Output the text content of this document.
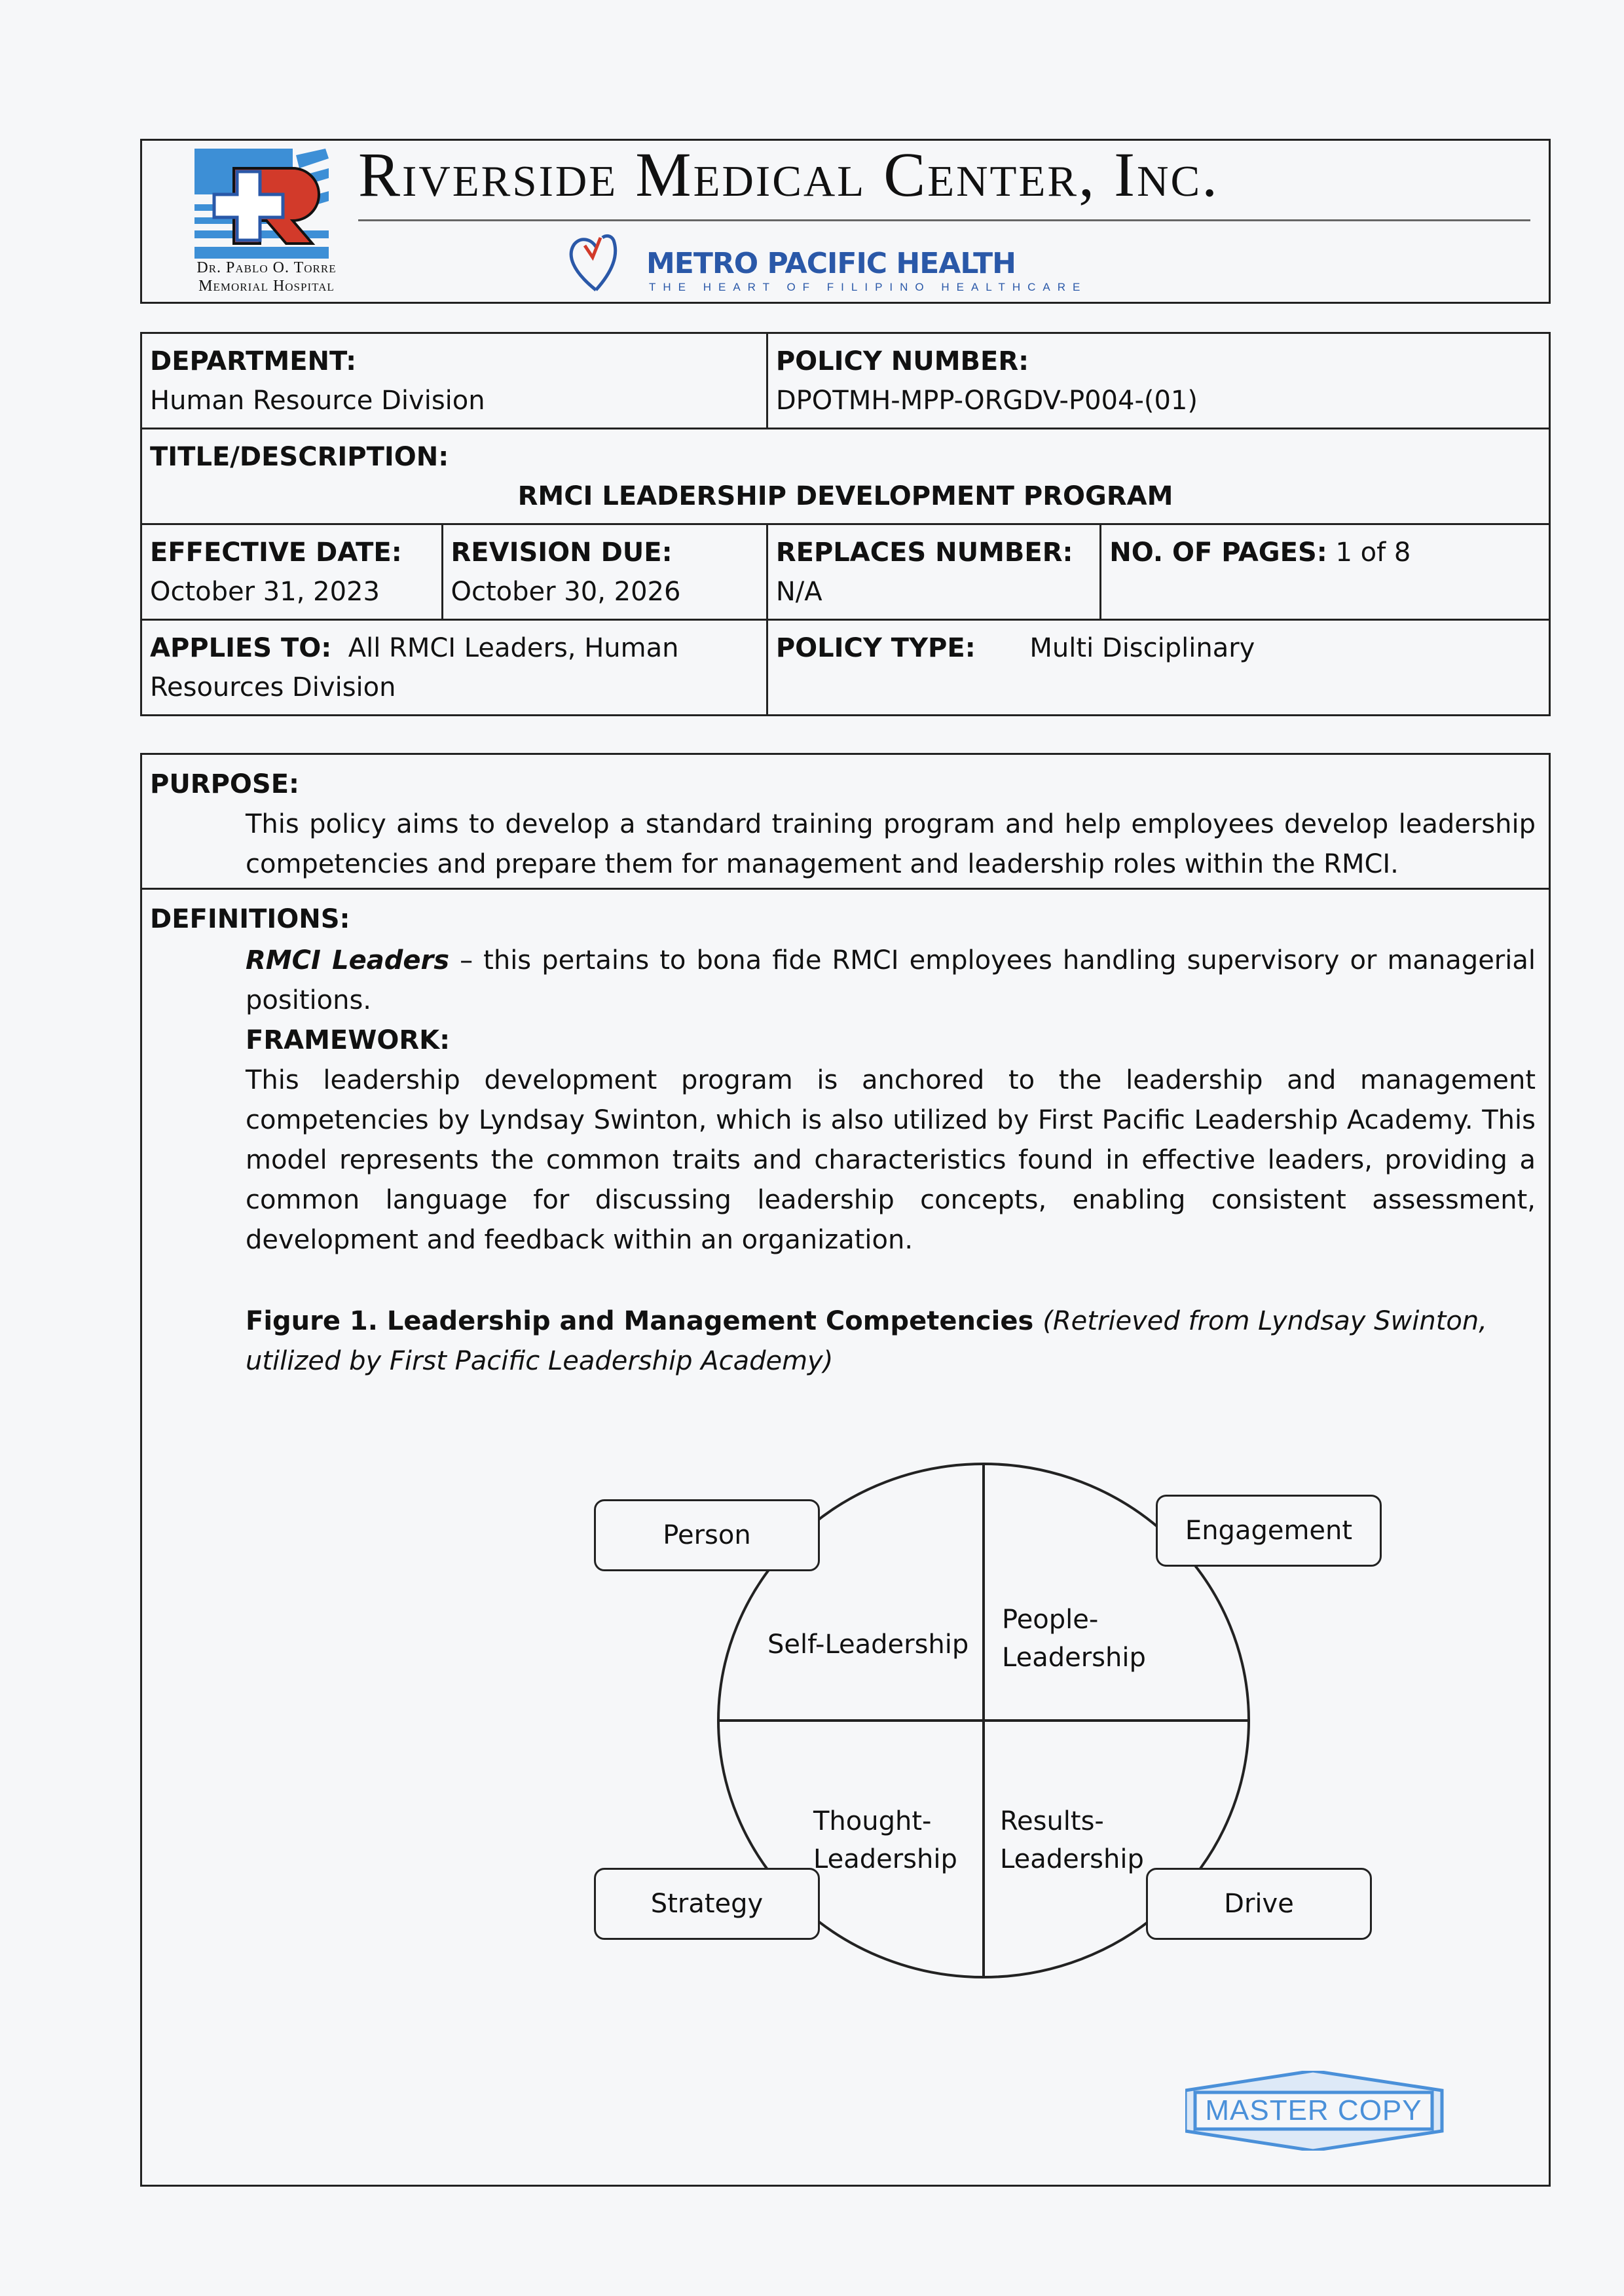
Dr. Pablo O. Torre
Memorial Hospital
Riverside Medical Center, Inc.
METRO PACIFIC HEALTH
THE HEART OF FILIPINO HEALTHCARE
DEPARTMENT:
Human Resource Division

POLICY NUMBER:
DPOTMH-MPP-ORGDV-P004-(01)

TITLE/DESCRIPTION:
RMCI LEADERSHIP DEVELOPMENT PROGRAM			

EFFECTIVE DATE:
October 31, 2023

REVISION DUE:
October 30, 2026

REPLACES NUMBER:
N/A
	NO. OF PAGES: 1 of 8
APPLIES TO: All RMCI Leaders, Human Resources Division		POLICY TYPE: Multi Disciplinary	
PURPOSE:
This policy aims to develop a standard training program and help employees develop leadership competencies and prepare them for management and leadership roles within the RMCI.
DEFINITIONS:
RMCI Leaders – this pertains to bona fide RMCI employees handling supervisory or managerial positions.
FRAMEWORK:
This leadership development program is anchored to the leadership and management competencies by Lyndsay Swinton, which is also utilized by First Pacific Leadership Academy. This model represents the common traits and characteristics found in effective leaders, providing a common language for discussing leadership concepts, enabling consistent assessment, development and feedback within an organization.
Figure 1. Leadership and Management Competencies (Retrieved from Lyndsay Swinton, utilized by First Pacific Leadership Academy)
Person	Engagement
Strategy	Drive
Self-Leadership
People-
Leadership
Thought-
Leadership
Results-
Leadership
MASTER COPY
